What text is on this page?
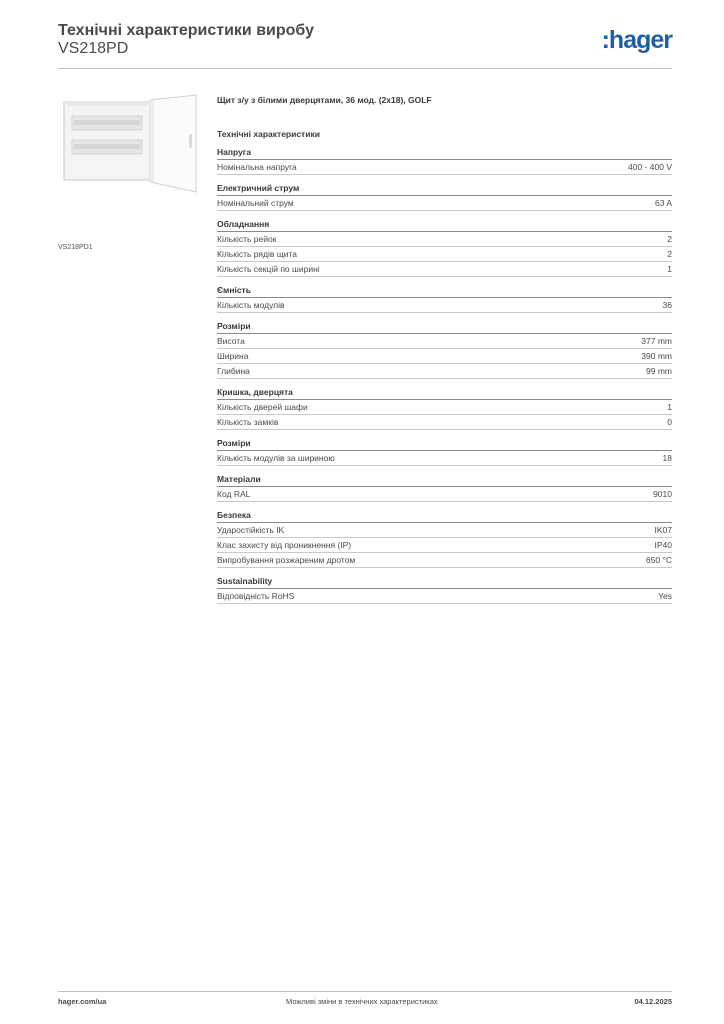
Технічні характеристики виробу
VS218PD	:hager
VS218PD1
Щит з/у з білими дверцятами, 36 мод. (2х18), GOLF
Технічні характеристики
Напруга
Номінальна напруга	400 - 400 V
Електричний струм
Номінальний струм	63 A
Обладнання
Кількість рейок	2
Кількість рядів щита	2
Кількість секцій по ширині	1
Ємність
Кількість модулів	36
Розміри
Висота	377 mm
Ширина	390 mm
Глибина	99 mm
Кришка, дверцята
Кількість дверей шафи	1
Кількість замків	0
Розміри
Кількість модулів за шириною	18
Матеріали
Код RAL	9010
Безпека
Ударостійкість IK	IK07
Клас захисту від проникнення (IP)	IP40
Випробування розжареним дротом	650 °C
Sustainability
Відповідність RoHS	Yes
hager.com/ua	Можливі зміни в технічних характеристиках	04.12.2025
